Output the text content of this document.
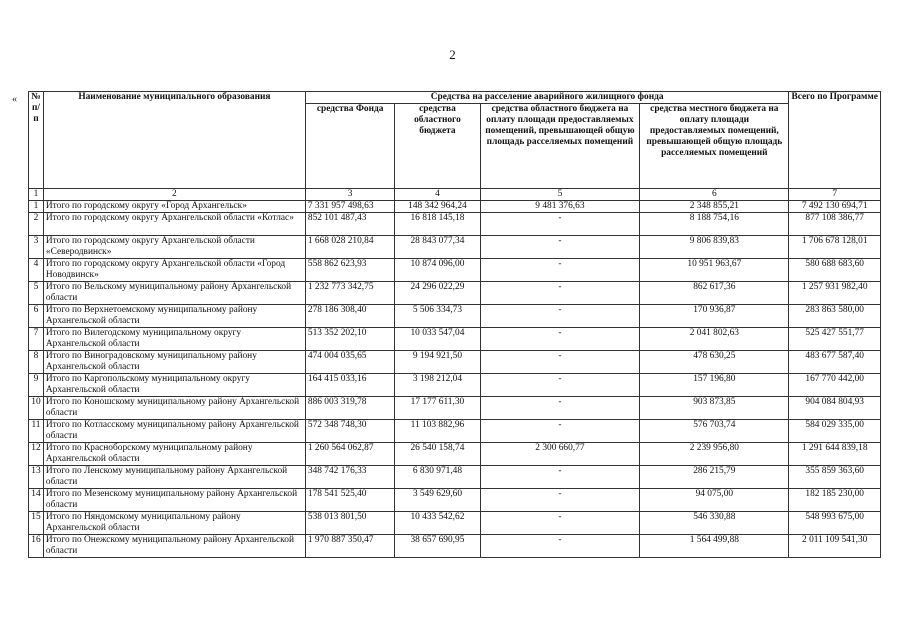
2
« № п/п	Наименование муниципального образования	Средства на расселение аварийного жилищного фонда				Всего по Программе
		средства Фонда	средства областного бюджета	средства областного бюджета на оплату площади предоставляемых помещений, превышающей общую площадь расселяемых помещений	средства местного бюджета на оплату площади предоставляемых помещений, превышающей общую площадь расселяемых помещений	
1	2	3	4	5	6	7
1	Итого по городскому округу «Город Архангельск»	7 331 957 498,63	148 342 964,24	9 481 376,63	2 348 855,21	7 492 130 694,71
2	Итого по городскому округу Архангельской области «Котлас»	852 101 487,43	16 818 145,18	-	8 188 754,16	877 108 386,77
3	Итого по городскому округу Архангельской области «Северодвинск»	1 668 028 210,84	28 843 077,34	-	9 806 839,83	1 706 678 128,01
4	Итого по городскому округу Архангельской области «Город Новодвинск»	558 862 623,93	10 874 096,00	-	10 951 963,67	580 688 683,60
5	Итого по Вельскому муниципальному району Архангельской области	1 232 773 342,75	24 296 022,29	-	862 617,36	1 257 931 982,40
6	Итого по Верхнетоемскому муниципальному району Архангельской области	278 186 308,40	5 506 334,73	-	170 936,87	283 863 580,00
7	Итого по Вилегодскому муниципальному округу Архангельской области	513 352 202,10	10 033 547,04	-	2 041 802,63	525 427 551,77
8	Итого по Виноградовскому муниципальному району Архангельской области	474 004 035,65	9 194 921,50	-	478 630,25	483 677 587,40
9	Итого по Каргопольскому муниципальному округу Архангельской области	164 415 033,16	3 198 212,04	-	157 196,80	167 770 442,00
10	Итого по Коношскому муниципальному району Архангельской области	886 003 319,78	17 177 611,30	-	903 873,85	904 084 804,93
11	Итого по Котласскому муниципальному району Архангельской области	572 348 748,30	11 103 882,96	-	576 703,74	584 029 335,00
12	Итого по Красноборскому муниципальному району Архангельской области	1 260 564 062,87	26 540 158,74	2 300 660,77	2 239 956,80	1 291 644 839,18
13	Итого по Ленскому муниципальному району Архангельской области	348 742 176,33	6 830 971,48	-	286 215,79	355 859 363,60
14	Итого по Мезенскому муниципальному району Архангельской области	178 541 525,40	3 549 629,60	-	94 075,00	182 185 230,00
15	Итого по Няндомскому муниципальному району Архангельской области	538 013 801,50	10 433 542,62	-	546 330,88	548 993 675,00
16	Итого по Онежскому муниципальному району Архангельской области	1 970 887 350,47	38 657 690,95	-	1 564 499,88	2 011 109 541,30
